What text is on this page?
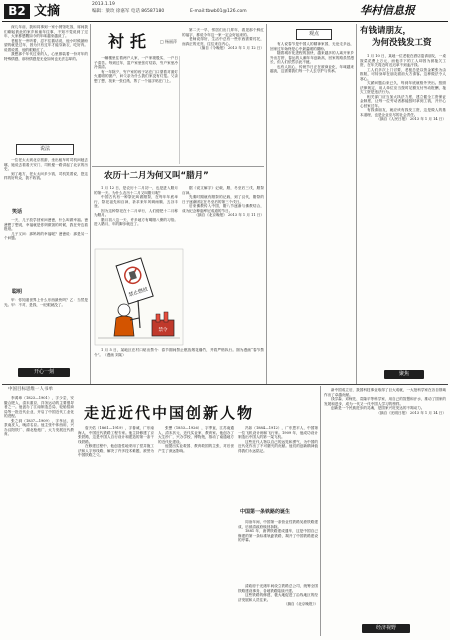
B2 文摘	2013.1.19
编辑：梁玫 徐嘉军 电话 86587180	E-mail:tbwb01@126.com	华村信息报

深几年前，我和同事到一家小餐馆吃饭，席间我们聊起彼此的家乡和童年往事，不知不觉说到了过年，大家都感慨如今的年味越来越淡了。

老板在一旁听着，忍不住插话说，他小时候最盼望的就是过年，因为只有过年才能穿新衣、吃好肉。说着说着，他的眼眶红了。

我想那个年代过来的人，心里都装着一份对年的特殊情感，那份情感是无论如何也无法忘却的。

衬托 □ 杨丽萍

一幢楼里住着两户人家，一户家境殷实，一户日子清苦。每到过年，富户家里张灯结彩，穷户家里冷冷清清。

有一年除夕，穷户家的孩子站在门口望着对面灯火通明的窗户，问父亲为什么我们家没有灯笼。父亲想了想，找来一张红纸，剪了一个福字贴在门上。

第二天一早，邻居们出门拜年，看见那个鲜红的福字，都说今年这一家一定会好起来的。

老师说得好，生活中总有一些东西需要衬托，而真正的光亮，往往来自内心。

（摘自《今晚报》 2013 年 1 月 12 日）

说法

一位老太太到北京旅游，坐出租车时司机问她去哪，她说去看看天安门，司机便一路讲起了北京的历史。

到了地方，老太太问多少钱，司机笑着说，您这样的好听众，我不收钱。

笑话

一天，儿子放学回家问爸爸，什么叫做幸福。爸爸想了想说，幸福就是你妈做饭的时候，我在旁边看报纸。

儿子又问：那妈妈的幸福呢？爸爸说：那是另一个问题。

聪明

甲：你知道世界上什么东西最快吗？乙：当然是光。甲：不对，是钱，一眨眼就没了。

开心一刻
农历十二月为何又叫“腊月”

1 月 12 日，是农历十二月初一，也是进入腊月的第一天。为什么农历十二月又叫腊月呢？

中国古代有一种祭祀叫做腊祭，在每年年底举行，祭祀祖先和百神，祈求来年风调雨顺、五谷丰登。

因为这种祭祀在十二月举行，人们便把十二月称为腊月。

腊月初八这一天，许多地方有喝腊八粥的习俗。进入腊月，年的脚步就近了。

据《说文解字》记载，腊，冬至后三戌，腊祭百神。

先秦时期就有腊祭的记载，到了汉代，腊祭的日子逐渐固定在冬至后的第三个戌日。

后来佛教传入中国，腊八节逐渐与佛教结合，成为纪念释迦牟尼成道的节日。

（摘自《北京晚报》 2013 年 1 月 11 日）

禁止燃放
禁令

1 月 5 日，某地区在村口贴出禁令：春节期间禁止燃放烟花爆竹，并将严格执行。图为漫画“春节禁令”。（漫画 刘某）

观点

有人说春节是中国人的精神家园，无论走多远，回家过年始终是心中最温暖的期盼。

随着城市化进程的加快，越来越多的人离开家乡外出打拼，春运的人潮年年创新高，回家的路虽然漫长，但人们依然乐此不疲。

也有人担心，传统节日正在被商业化，年味越来越淡，这需要我们每一个人去守护与传承。

有钱请朋友，
为何没钱发工资

1 月 10 日，某地一位老板在酒店宴请朋友，一桌饭菜花费上万元，而他手下的工人却因为被拖欠工资，在年关将近时迟迟拿不到血汗钱。

工人们多次上门讨要，老板总是以资金紧张为由推脱，可转身却在朋友面前大方请客。这种做法令人寒心。

欠薪问题由来已久，每到年底就格外突出。按照法律规定，用人单位应当按时足额支付劳动报酬，拖欠工资是违法行为。

相关部门应当加大执法力度，建立健全工资保证金制度，让每一位劳动者都能按时拿到工钱，开开心心回家过年。

有钱请朋友，就应该有钱发工资，这是做人的基本道理，也是企业应尽的社会责任。

（摘自《人民日报》 2013 年 1 月 14 日）

聚焦
中国目标思维一人书单
走近近代中国创新人物

李鸿章（1823—1901），字少荃，安徽合肥人，清末重臣，洋务运动的主要倡导者之一。他创办了江南制造总局、轮船招商局等一批近代企业，开启了中国近代工业化的进程。

张之洞（1837—1909），字孝达，直隶南皮人，晚清名臣。他主张中体西用，兴办汉阳铁厂、湖北枪炮厂，大力发展近代教育。

詹天佑（1861—1919），字眷诚，广东南海人，中国近代铁路工程专家。他主持修建了京张铁路，这是中国人自行设计和建造的第一条干线铁路。

在修建过程中，他创造性地采用了竖井施工法和人字形线路，解决了许多技术难题，被誉为中国铁路之父。

张謇（1853—1926），字季直，江苏南通人，清末状元，近代实业家、教育家。他创办了大生纱厂，兴办学校、博物苑，推动了南通地方的近代化建设。

他提出实业救国、教育救国的主张，对后世产生了深远影响。

冯如（1884—1912），广东恩平人，中国第一位飞机设计师和飞行家。1909 年，他成功设计制造出中国人的第一架飞机。

这些近代人物以自己的远见和勇气，为中国的近代化作出了不可磨灭的贡献。他们的创新精神值得我们永远铭记。

中国第一条铁路的诞生

同治年间，中国第一条营业性铁路吴淞铁路建成，后被清政府赎回拆除。

1881 年，唐胥铁路建成通车，这是中国自己修建的第一条标准轨距铁路，揭开了中国铁路建设的序幕。

清政府于光绪年间设立铁路总公司，统筹全国铁路建设事务，各地铁路陆续兴建。

这些铁路的修建，极大地促进了沿线地区的经济发展和人员往来。

（摘自《北京晚报》）

新中国成立后，我国科技事业取得了巨大成就，一大批科学家在各自领域作出了卓越贡献。

钱学森、邓稼先、袁隆平等科学家，用自己的智慧和汗水，推动了国家的发展和进步，成为一代又一代中国人学习的榜样。

创新是一个民族进步的灵魂，是国家兴旺发达的不竭动力。

（摘自《光明日报》 2013 年 1 月 14 日）

经济视野
